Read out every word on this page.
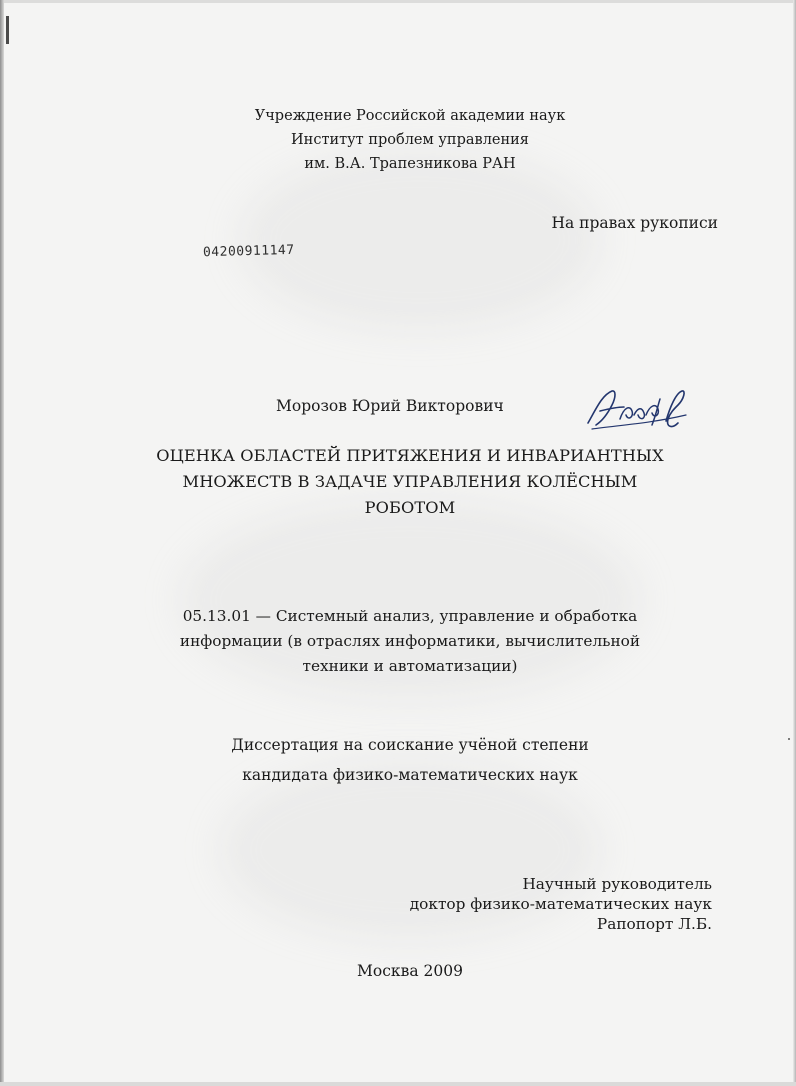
Учреждение Российской академии наук
Институт проблем управления
им. В.А. Трапезникова РАН
На правах рукописи
04200911147
Морозов Юрий Викторович
ОЦЕНКА ОБЛАСТЕЙ ПРИТЯЖЕНИЯ И ИНВАРИАНТНЫХ
МНОЖЕСТВ В ЗАДАЧЕ УПРАВЛЕНИЯ КОЛЁСНЫМ
РОБОТОМ
05.13.01 — Системный анализ, управление и обработка
информации (в отраслях информатики, вычислительной
техники и автоматизации)
Диссертация на соискание учёной степени
кандидата физико-математических наук
Научный руководитель
доктор физико-математических наук
Рапопорт Л.Б.
Москва 2009
